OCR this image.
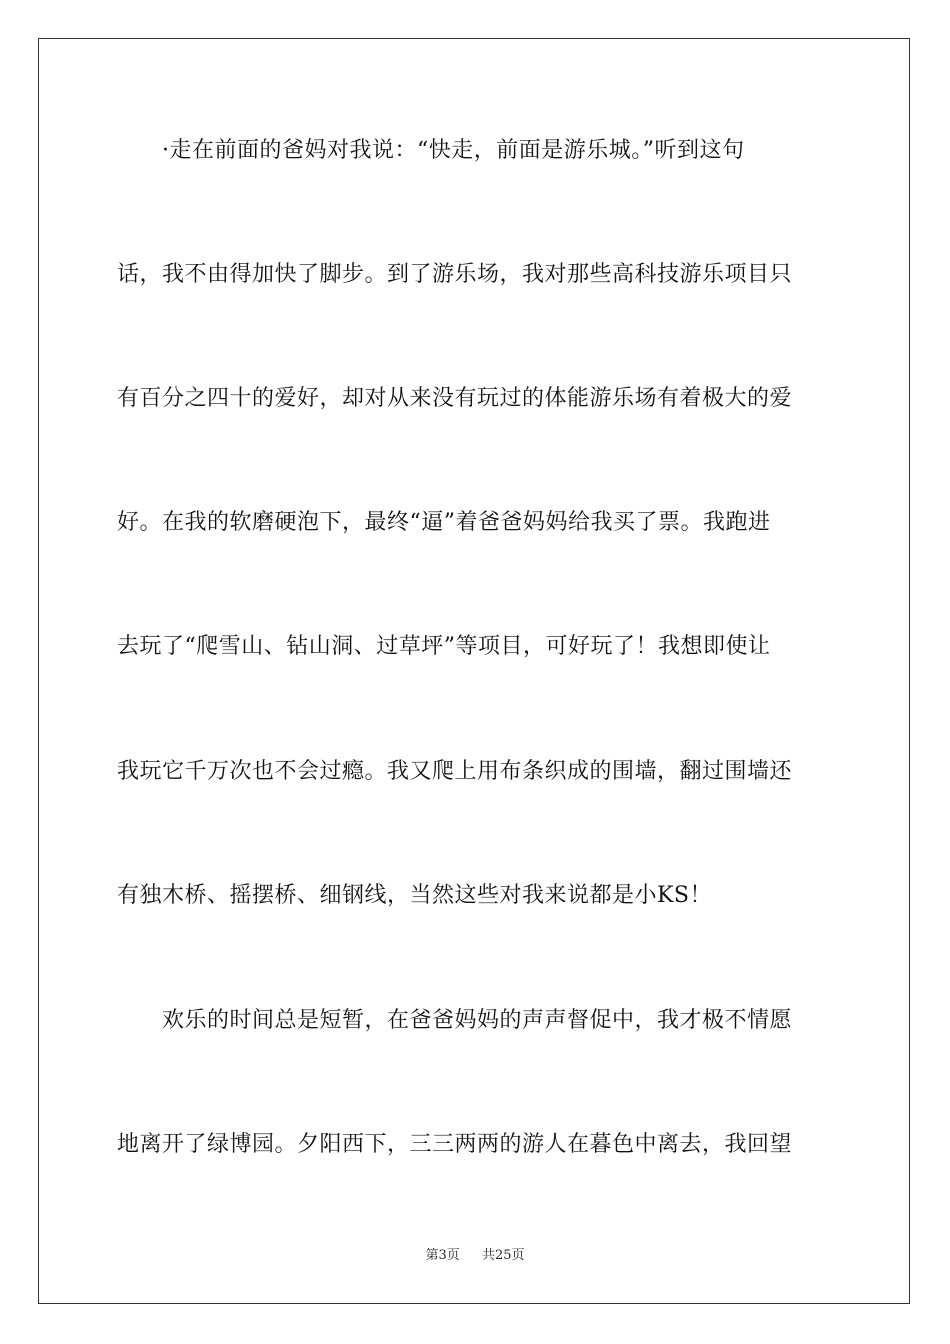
　　·走在前面的爸妈对我说：“快走，前面是游乐城。”听到这句
话，我不由得加快了脚步。到了游乐场，我对那些高科技游乐项目只
有百分之四十的爱好，却对从来没有玩过的体能游乐场有着极大的爱
好。在我的软磨硬泡下，最终“逼”着爸爸妈妈给我买了票。我跑进
去玩了“爬雪山、钻山洞、过草坪”等项目，可好玩了！我想即使让
我玩它千万次也不会过瘾。我又爬上用布条织成的围墙，翻过围墙还
有独木桥、摇摆桥、细钢线，当然这些对我来说都是小KS！
　　欢乐的时间总是短暂，在爸爸妈妈的声声督促中，我才极不情愿
地离开了绿博园。夕阳西下，三三两两的游人在暮色中离去，我回望
第3页 共25页
